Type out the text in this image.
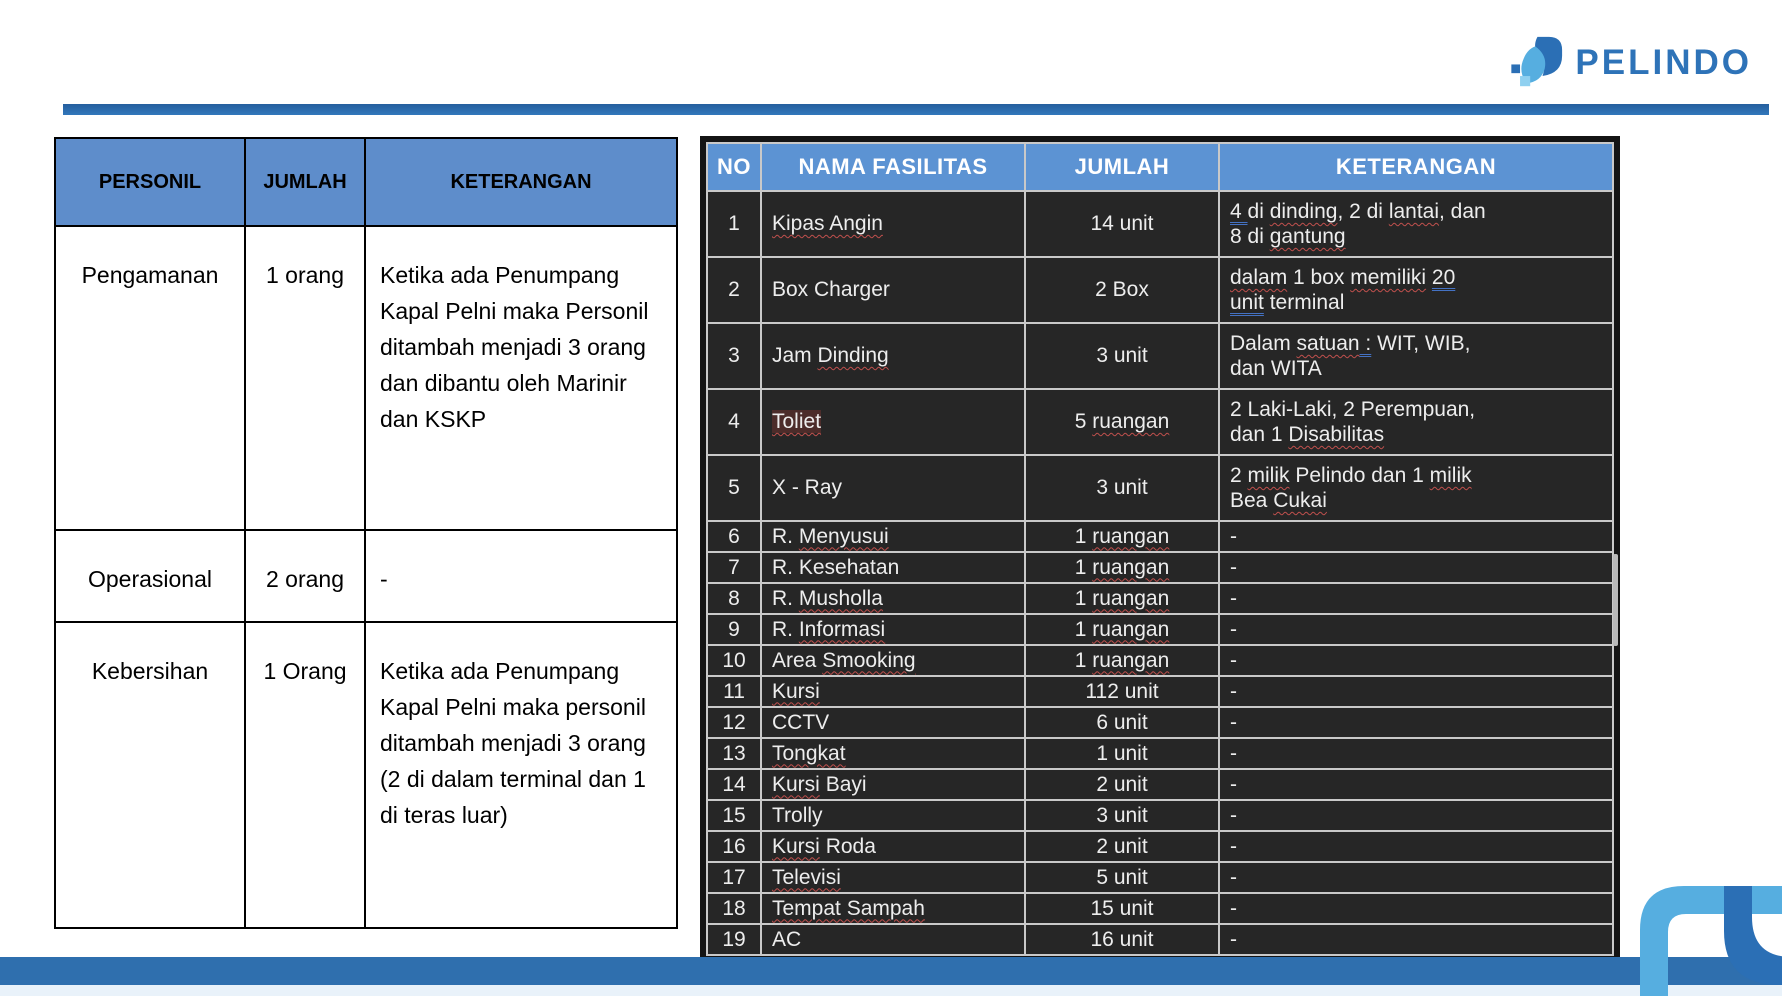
PELINDO
PERSONIL	JUMLAH	KETERANGAN
Pengamanan	1 orang	Ketika ada Penumpang Kapal Pelni maka Personil ditambah menjadi 3 orang dan dibantu oleh Marinir dan KSKP
Operasional	2 orang	-
Kebersihan	1 Orang	Ketika ada Penumpang Kapal Pelni maka personil ditambah menjadi 3 orang (2 di dalam terminal dan 1 di teras luar)
NO	NAMA FASILITAS	JUMLAH	KETERANGAN
1	Kipas Angin	14 unit	4 di dinding, 2 di lantai, dan
8 di gantung
2	Box Charger	2 Box	dalam 1 box memiliki 20
unit terminal
3	Jam Dinding	3 unit	Dalam satuan : WIT, WIB,
dan WITA
4	Toliet	5 ruangan	2 Laki-Laki, 2 Perempuan,
dan 1 Disabilitas
5	X - Ray	3 unit	2 milik Pelindo dan 1 milik
Bea Cukai
6	R. Menyusui	1 ruangan	-
7	R. Kesehatan	1 ruangan	-
8	R. Musholla	1 ruangan	-
9	R. Informasi	1 ruangan	-
10	Area Smooking	1 ruangan	-
11	Kursi	112 unit	-
12	CCTV	6 unit	-
13	Tongkat	1 unit	-
14	Kursi Bayi	2 unit	-
15	Trolly	3 unit	-
16	Kursi Roda	2 unit	-
17	Televisi	5 unit	-
18	Tempat Sampah	15 unit	-
19	AC	16 unit	-
